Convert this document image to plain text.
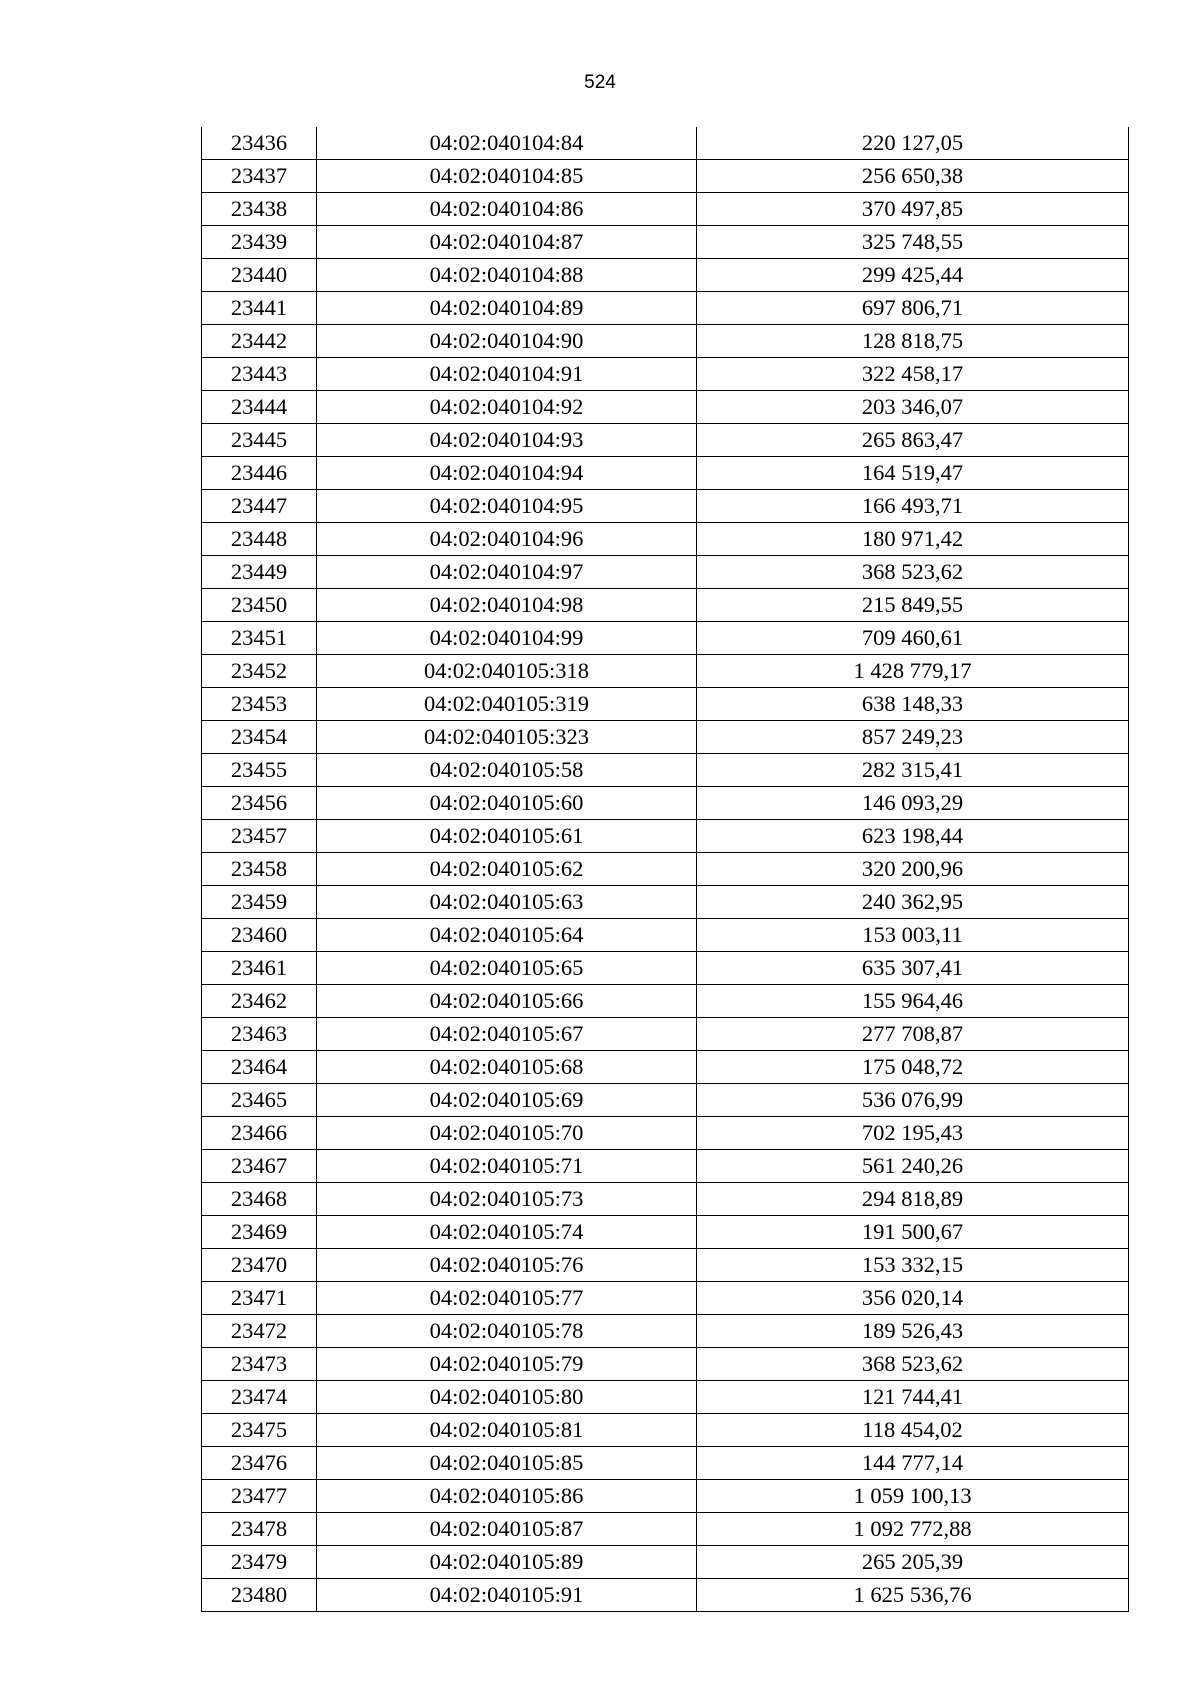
524
23436	04:02:040104:84	220 127,05
23437	04:02:040104:85	256 650,38
23438	04:02:040104:86	370 497,85
23439	04:02:040104:87	325 748,55
23440	04:02:040104:88	299 425,44
23441	04:02:040104:89	697 806,71
23442	04:02:040104:90	128 818,75
23443	04:02:040104:91	322 458,17
23444	04:02:040104:92	203 346,07
23445	04:02:040104:93	265 863,47
23446	04:02:040104:94	164 519,47
23447	04:02:040104:95	166 493,71
23448	04:02:040104:96	180 971,42
23449	04:02:040104:97	368 523,62
23450	04:02:040104:98	215 849,55
23451	04:02:040104:99	709 460,61
23452	04:02:040105:318	1 428 779,17
23453	04:02:040105:319	638 148,33
23454	04:02:040105:323	857 249,23
23455	04:02:040105:58	282 315,41
23456	04:02:040105:60	146 093,29
23457	04:02:040105:61	623 198,44
23458	04:02:040105:62	320 200,96
23459	04:02:040105:63	240 362,95
23460	04:02:040105:64	153 003,11
23461	04:02:040105:65	635 307,41
23462	04:02:040105:66	155 964,46
23463	04:02:040105:67	277 708,87
23464	04:02:040105:68	175 048,72
23465	04:02:040105:69	536 076,99
23466	04:02:040105:70	702 195,43
23467	04:02:040105:71	561 240,26
23468	04:02:040105:73	294 818,89
23469	04:02:040105:74	191 500,67
23470	04:02:040105:76	153 332,15
23471	04:02:040105:77	356 020,14
23472	04:02:040105:78	189 526,43
23473	04:02:040105:79	368 523,62
23474	04:02:040105:80	121 744,41
23475	04:02:040105:81	118 454,02
23476	04:02:040105:85	144 777,14
23477	04:02:040105:86	1 059 100,13
23478	04:02:040105:87	1 092 772,88
23479	04:02:040105:89	265 205,39
23480	04:02:040105:91	1 625 536,76
